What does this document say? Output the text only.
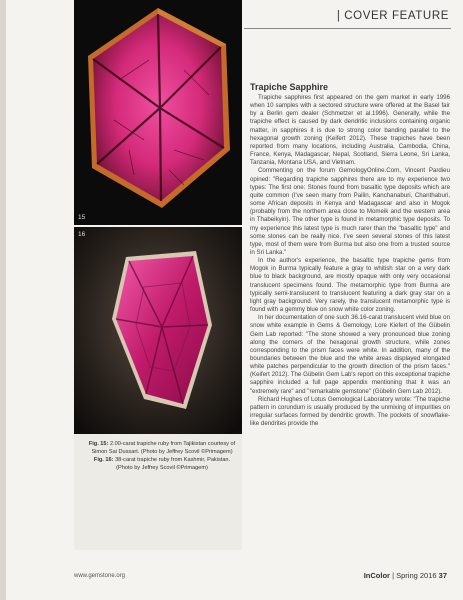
| COVER FEATURE
15
16

Fig. 15: 2.00-carat trapiche ruby from Tajikistan courtesy of Simon Sai Dussart. (Photo by Jeffrey Scovil ©Primagem)

Fig. 16: 38-carat trapiche ruby from Kashmir, Pakistan. (Photo by Jeffrey Scovil ©Primagem)

Trapiche Sapphire

Trapiche sapphires first appeared on the gem market in early 1996 when 10 samples with a sectored structure were offered at the Basel fair by a Berlin gem dealer (Schmetzer et al.1996). Generally, while the trapiche effect is caused by dark dendritic inclusions containing organic matter, in sapphires it is due to strong color banding parallel to the hexagonal growth zoning (Keifert 2012). These trapiches have been reported from many locations, including Australia, Cambodia, China, France, Kenya, Madagascar, Nepal, Scotland, Sierra Leone, Sri Lanka, Tanzania, Montana USA, and Vietnam.

Commenting on the forum GemologyOnline.Com, Vincent Pardieu opined: "Regarding trapiche sapphires there are to my experience two types: The first one: Stones found from basaltic type deposits which are quite common (I've seen many from Pailin, Kanchanaburi, Chanthaburi, some African deposits in Kenya and Madagascar and also in Mogok (probably from the northern area close to Momeik and the western area in Thabeikyin). The other type is found in metamorphic type deposits. To my experience this latest type is much rarer than the "basaltic type" and some stones can be really nice. I've seen several stones of this latest type, most of them were from Burma but also one from a trusted source in Sri Lanka."

In the author's experience, the basaltic type trapiche gems from Mogok in Burma typically feature a gray to whitish star on a very dark blue to black background, are mostly opaque with only very occasional translucent specimens found. The metamorphic type from Burma are typically semi-translucent to translucent featuring a dark gray star on a light gray background. Very rarely, the translucent metamorphic type is found with a gemmy blue on snow white color zoning.

In her documentation of one such 36.16-carat translucent vivid blue on snow white example in Gems & Gemology, Lore Kiefert of the Gübelin Gem Lab reported: "The stone showed a very pronounced blue zoning along the corners of the hexagonal growth structure, while zones corresponding to the prism faces were white. In addition, many of the boundaries between the blue and the white areas displayed elongated white patches perpendicular to the growth direction of the prism faces." (Keifert 2012). The Gübelin Gem Lab's report on this exceptional trapiche sapphire included a full page appendix mentioning that it was an "extremely rare" and "remarkable gemstone" (Gübelin Gem Lab 2012).

Richard Hughes of Lotus Gemological Laboratory wrote: "The trapiche pattern in corundum is usually produced by the unmixing of impurities on irregular surfaces formed by dendritic growth. The pockets of snowflake-like dendrites provide the

www.gemstone.org	InColor | Spring 2016 37
